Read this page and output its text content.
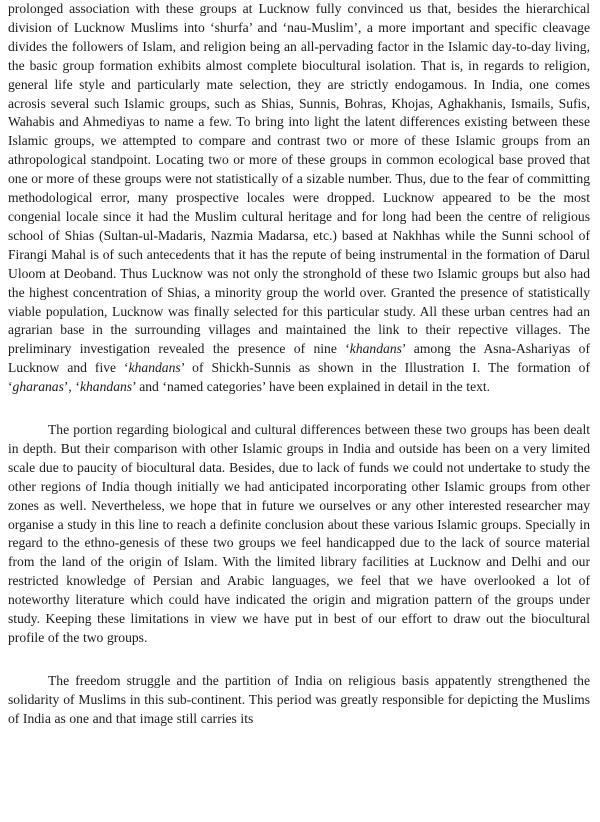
prolonged association with these groups at Lucknow fully convinced us that, besides the hierarchical division of Lucknow Muslims into ‘shurfa’ and ‘nau-Muslim’, a more important and specific cleavage divides the followers of Islam, and religion being an all-pervading factor in the Islamic day-to-day living, the basic group formation exhibits almost complete biocultural isolation. That is, in regards to religion, general life style and particularly mate selection, they are strictly endogamous. In India, one comes acrosis several such Islamic groups, such as Shias, Sunnis, Bohras, Khojas, Aghakhanis, Ismails, Sufis, Wahabis and Ahmediyas to name a few. To bring into light the latent differences existing between these Islamic groups, we attempted to compare and contrast two or more of these Islamic groups from an athropological standpoint. Locating two or more of these groups in common ecological base proved that one or more of these groups were not statistically of a sizable number. Thus, due to the fear of committing methodological error, many prospective locales were dropped. Lucknow appeared to be the most congenial locale since it had the Muslim cultural heritage and for long had been the centre of religious school of Shias (Sultan-ul-Madaris, Nazmia Madarsa, etc.) based at Nakhhas while the Sunni school of Firangi Mahal is of such antecedents that it has the repute of being instrumental in the formation of Darul Uloom at Deoband. Thus Lucknow was not only the stronghold of these two Islamic groups but also had the highest concentration of Shias, a minority group the world over. Granted the presence of statistically viable population, Lucknow was finally selected for this particular study. All these urban centres had an agrarian base in the surrounding villages and maintained the link to their repective villages. The preliminary investigation revealed the presence of nine ‘khandans’ among the Asna-Ashariyas of Lucknow and five ‘khandans’ of Shickh-Sunnis as shown in the Illustration I. The formation of ‘gharanas’, ‘khandans’ and ‘named categories’ have been explained in detail in the text.

The portion regarding biological and cultural differences between these two groups has been dealt in depth. But their comparison with other Islamic groups in India and outside has been on a very limited scale due to paucity of biocultural data. Besides, due to lack of funds we could not undertake to study the other regions of India though initially we had anticipated incorporating other Islamic groups from other zones as well. Nevertheless, we hope that in future we ourselves or any other interested researcher may organise a study in this line to reach a definite conclusion about these various Islamic groups. Specially in regard to the ethno-genesis of these two groups we feel handicapped due to the lack of source material from the land of the origin of Islam. With the limited library facilities at Lucknow and Delhi and our restricted knowledge of Persian and Arabic languages, we feel that we have overlooked a lot of noteworthy literature which could have indicated the origin and migration pattern of the groups under study. Keeping these limitations in view we have put in best of our effort to draw out the biocultural profile of the two groups.

The freedom struggle and the partition of India on religious basis appatently strengthened the solidarity of Muslims in this sub-continent. This period was greatly responsible for depicting the Muslims of India as one and that image still carries its
